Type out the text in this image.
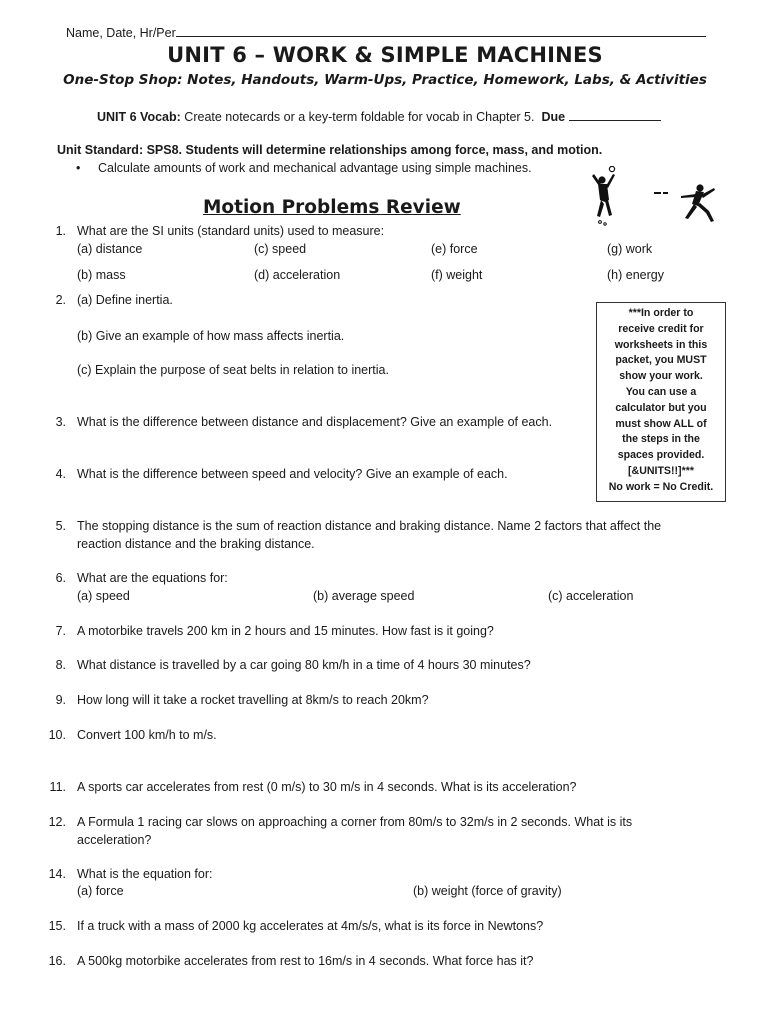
Name, Date, Hr/Per
UNIT 6 – WORK & SIMPLE MACHINES
One-Stop Shop: Notes, Handouts, Warm-Ups, Practice, Homework, Labs, & Activities
UNIT 6 Vocab: Create notecards or a key-term foldable for vocab in Chapter 5. Due
Unit Standard: SPS8. Students will determine relationships among force, mass, and motion.
• Calculate amounts of work and mechanical advantage using simple machines.
Motion Problems Review
***In order to
receive credit for
worksheets in this
packet, you MUST
show your work.
You can use a
calculator but you
must show ALL of
the steps in the
spaces provided.
[&UNITS!!]***
No work = No Credit.
1. What are the SI units (standard units) used to measure:
(a) distance	(c) speed	(e) force	(g) work
(b) mass	(d) acceleration	(f) weight	(h) energy
2. (a) Define inertia.
(b) Give an example of how mass affects inertia.
(c) Explain the purpose of seat belts in relation to inertia.
3. What is the difference between distance and displacement? Give an example of each.
4. What is the difference between speed and velocity? Give an example of each.
5. The stopping distance is the sum of reaction distance and braking distance. Name 2 factors that affect the
reaction distance and the braking distance.
6. What are the equations for:
(a) speed	(b) average speed	(c) acceleration
7. A motorbike travels 200 km in 2 hours and 15 minutes. How fast is it going?
8. What distance is travelled by a car going 80 km/h in a time of 4 hours 30 minutes?
9. How long will it take a rocket travelling at 8km/s to reach 20km?
10. Convert 100 km/h to m/s.
11. A sports car accelerates from rest (0 m/s) to 30 m/s in 4 seconds. What is its acceleration?
12. A Formula 1 racing car slows on approaching a corner from 80m/s to 32m/s in 2 seconds. What is its
acceleration?
14. What is the equation for:
(a) force	(b) weight (force of gravity)
15. If a truck with a mass of 2000 kg accelerates at 4m/s/s, what is its force in Newtons?
16. A 500kg motorbike accelerates from rest to 16m/s in 4 seconds. What force has it?
